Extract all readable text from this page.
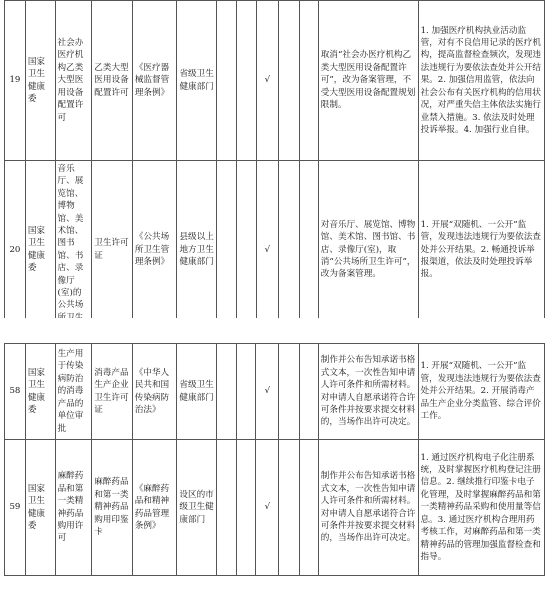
19	国家卫生健康委	社会办医疗机构乙类大型医用设备配置许可	乙类大型医用设备配置许可	《医疗器械监督管理条例》	省级卫生健康部门			√			取消“社会办医疗机构乙类大型医用设备配置许可”，改为备案管理，不受大型医用设备配置规划限制。	1. 加强医疗机构执业活动监管，对有不良信用记录的医疗机构，提高监督检查频次，发现违法违规行为要依法查处并公开结果。2. 加强信用监管，依法向社会公布有关医疗机构的信用状况，对严重失信主体依法实施行业禁入措施。3. 依法及时处理投诉举报。4. 加强行业自律。
20	国家卫生健康委	音乐厅、展览馆、博物馆、美术馆、图书馆、书店、录像厅(室)的公共场	卫生许可证	《公共场所卫生管理条例》	县级以上地方卫生健康部门			√			对音乐厅、展览馆、博物馆、美术馆、图书馆、书店、录像厅(室)，取消“公共场所卫生许可”，改为备案管理。	1. 开展“双随机、一公开”监管，发现违法违规行为要依法查处并公开结果。2. 畅通投诉举报渠道，依法及时处理投诉举报。
58	国家卫生健康委	生产用于传染病防治的消毒产品的单位审批	消毒产品生产企业卫生许可证	《中华人民共和国传染病防治法》	省级卫生健康部门			√			制作并公布告知承诺书格式文本，一次性告知申请人许可条件和所需材料。对申请人自愿承诺符合许可条件并按要求提交材料的，当场作出许可决定。	1. 开展“双随机、一公开”监管，发现违法违规行为要依法查处并公开结果。2. 开展消毒产品生产企业分类监管、综合评价工作。
59	国家卫生健康委	麻醉药品和第一类精神药品购用许可	麻醉药品和第一类精神药品购用印鉴卡	《麻醉药品和精神药品管理条例》	设区的市级卫生健康部门			√			制作并公布告知承诺书格式文本，一次性告知申请人许可条件和所需材料。对申请人自愿承诺符合许可条件并按要求提交材料的，当场作出许可决定。	1. 通过医疗机构电子化注册系统，及时掌握医疗机构登记注册信息。2. 继续推行印鉴卡电子化管理，及时掌握麻醉药品和第一类精神药品采购和使用量等信息。3. 通过医疗机构合理用药考核工作，对麻醉药品和第一类精神药品的管理加强监督检查和指导。
